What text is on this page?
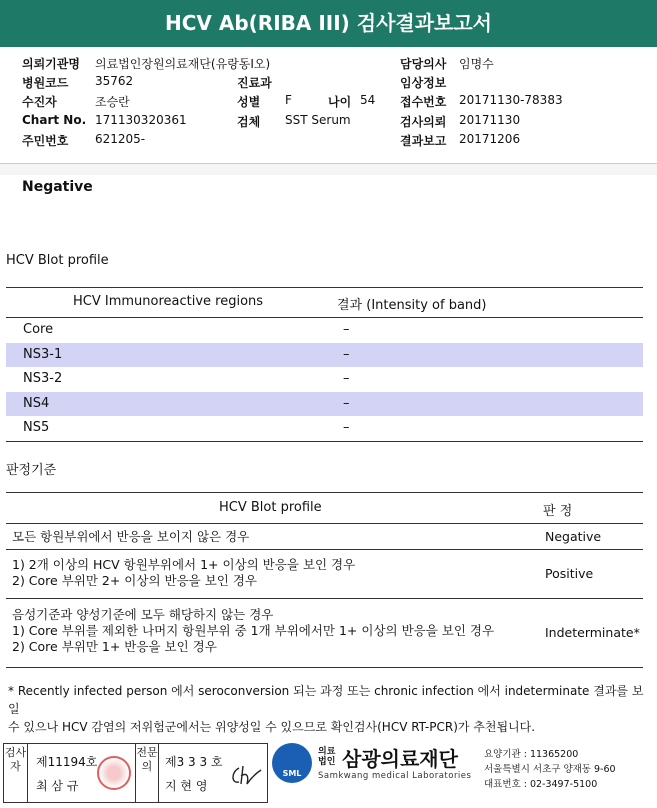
HCV Ab(RIBA III) 검사결과보고서
의뢰기관명 의료법인장원의료재단(유랑동I오)	담당의사 임명수
병원코드 35762	진료과	임상정보
수진자	조승란	성별 F	나이 54 접수번호 20171130-78383
Chart No. 171130320361	검체 SST Serum	검사의뢰 20171130
주민번호 621205-	결과보고 20171206
Negative
HCV Blot profile
HCV Immunoreactive regions	결과 (Intensity of band)
Core	–
NS3-1	–
NS3-2	–
NS4	–
NS5	–
판정기준
HCV Blot profile	판 정
모든 항원부위에서 반응을 보이지 않은 경우	Negative
1) 2개 이상의 HCV 항원부위에서 1+ 이상의 반응을 보인 경우
2) Core 부위만 2+ 이상의 반응을 보인 경우	Positive
음성기준과 양성기준에 모두 해당하지 않는 경우
1) Core 부위를 제외한 나머지 항원부위 중 1개 부위에서만 1+ 이상의 반응을 보인 경우
2) Core 부위만 1+ 반응을 보인 경우
Indeterminate*
* Recently infected person 에서 seroconversion 되는 과정 또는 chronic infection 에서 indeterminate 결과를 보일
수 있으나 HCV 감염의 저위험군에서는 위양성일 수 있으므로 확인검사(HCV RT-PCR)가 추천됩니다.
검사자	제11194호
최 삼 규
전문의	제3 3 3 호
지 현 영
SML
의료 법인 삼광의료재단
Samkwang medical Laboratories
요양기관 : 11365200
서울특별시 서초구 양재동 9-60
대표번호 : 02-3497-5100
